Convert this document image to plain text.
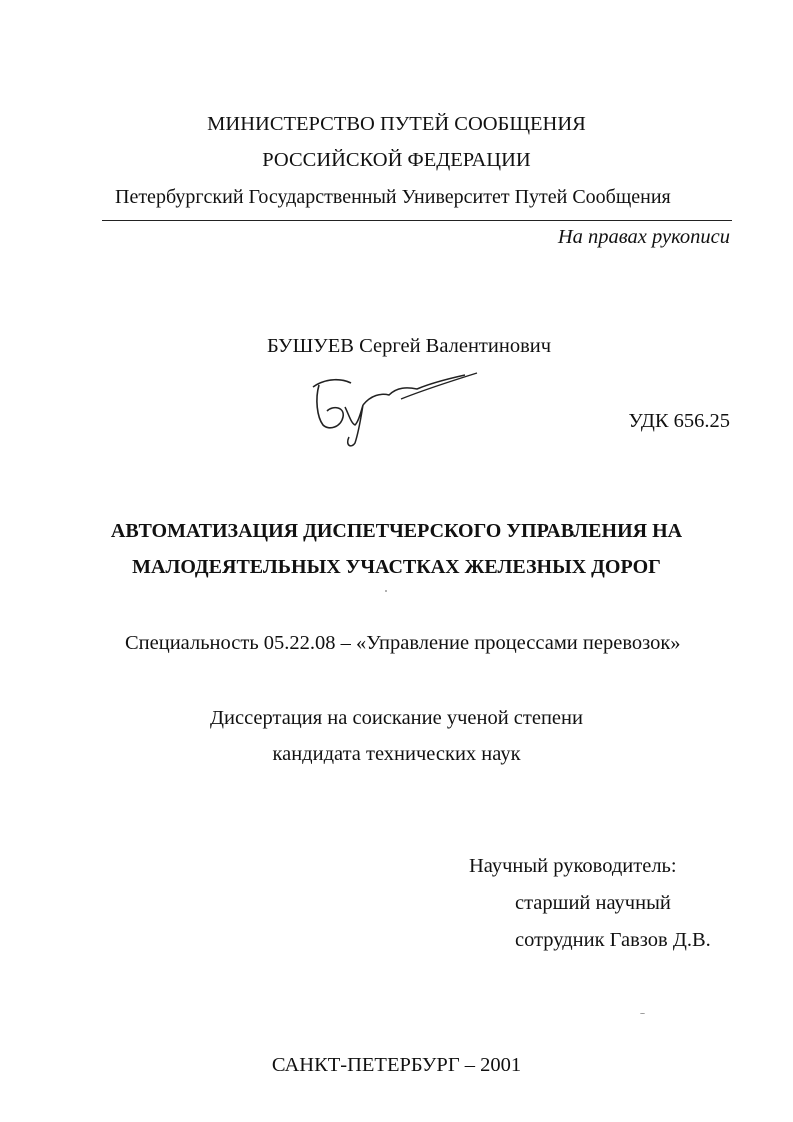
МИНИСТЕРСТВО ПУТЕЙ СООБЩЕНИЯ
РОССИЙСКОЙ ФЕДЕРАЦИИ
Петербургский Государственный Университет Путей Сообщения
На правах рукописи
БУШУЕВ Сергей Валентинович
УДК 656.25
АВТОМАТИЗАЦИЯ ДИСПЕТЧЕРСКОГО УПРАВЛЕНИЯ НА
МАЛОДЕЯТЕЛЬНЫХ УЧАСТКАХ ЖЕЛЕЗНЫХ ДОРОГ
Специальность 05.22.08 – «Управление процессами перевозок»
Диссертация на соискание ученой степени
кандидата технических наук
Научный руководитель:
старший научный
сотрудник Гавзов Д.В.
САНКТ-ПЕТЕРБУРГ – 2001
